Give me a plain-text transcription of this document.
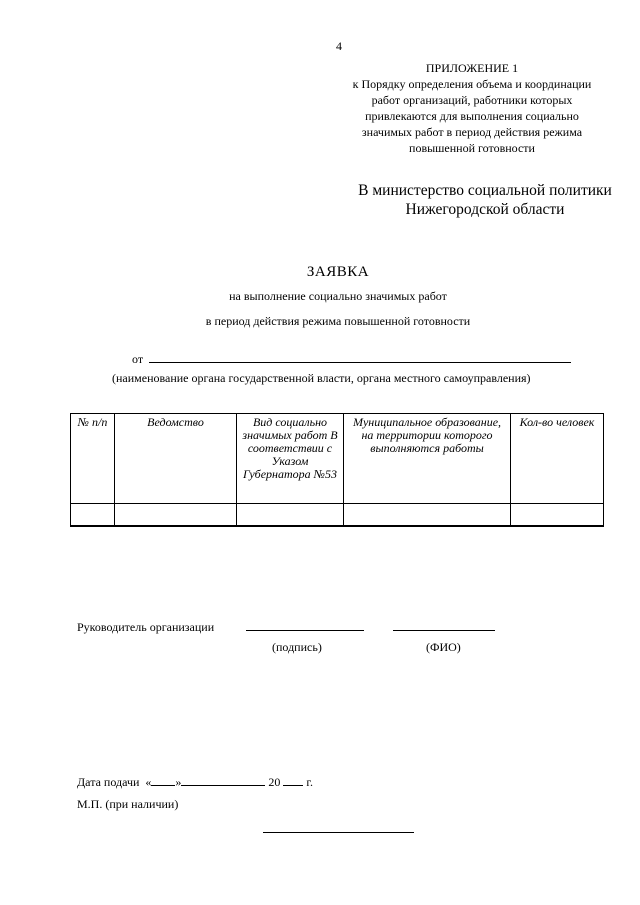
4
ПРИЛОЖЕНИЕ 1
к Порядку определения объема и координации
работ организаций, работники которых
привлекаются для выполнения социально
значимых работ в период действия режима
повышенной готовности
В министерство социальной политики
Нижегородской области
ЗАЯВКА
на выполнение социально значимых работ
в период действия режима повышенной готовности
от
(наименование органа государственной власти, органа местного самоуправления)
№ п/п	Ведомство	Вид социально значимых работ В соответствии с Указом Губернатора №53	Муниципальное образование, на территории которого выполняются работы	Кол-во человек

Руководитель организации
(подпись)	(ФИО)
Дата подачи « »	20 г.
М.П. (при наличии)
